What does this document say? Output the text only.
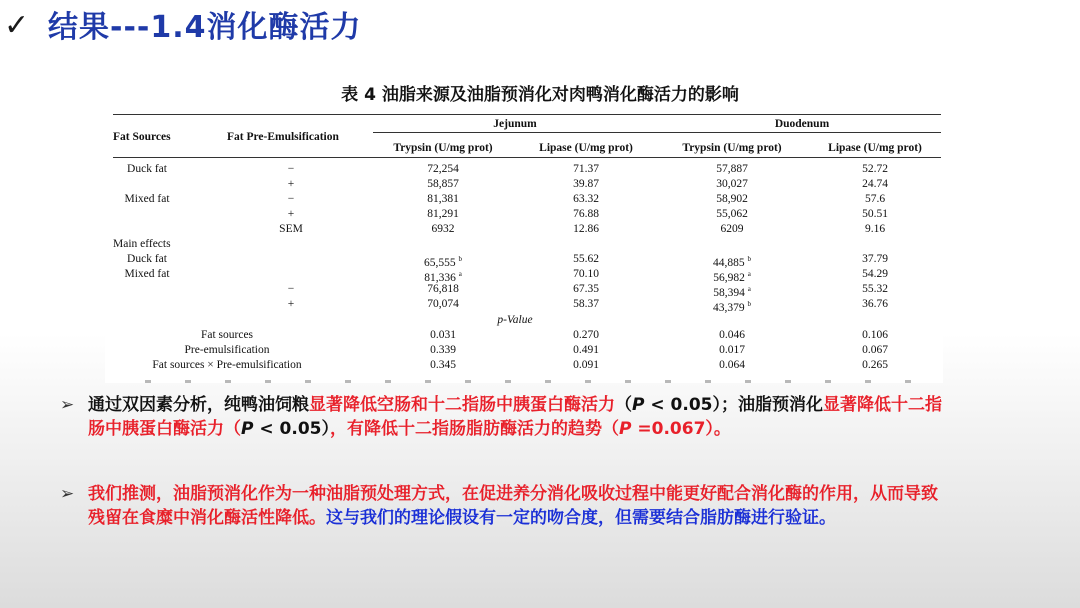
✓ 结果---1.4消化酶活力
表 4 油脂来源及油脂预消化对肉鸭消化酶活力的影响
Fat Sources	Fat Pre-Emulsification
Jejunum	Duodenum
Trypsin (U/mg prot)	Lipase (U/mg prot)	Trypsin (U/mg prot)	Lipase (U/mg prot)
Duck fat	−	72,254	71.37	57,887	52.72
+	58,857	39.87	30,027	24.74
Mixed fat	−	81,381	63.32	58,902	57.6
+	81,291	76.88	55,062	50.51
SEM	6932	12.86	6209	9.16
Main effects
Duck fat	65,555 $^b$	55.62	44,885 $^b$	37.79
Mixed fat	81,336 $^a$	70.10	56,982 $^a$	54.29
−	76,818	67.35	58,394 $^a$	55.32
+	70,074	58.37	43,379 $^b$	36.76
p-Value
Fat sources	0.031	0.270	0.046	0.106
Pre-emulsification	0.339	0.491	0.017	0.067
Fat sources × Pre-emulsification	0.345	0.091	0.064	0.265
➢ 通过双因素分析，纯鸭油饲粮显著降低空肠和十二指肠中胰蛋白酶活力（P < 0.05）；油脂预消化显著降低十二指肠中胰蛋白酶活力（P < 0.05），有降低十二指肠脂肪酶活力的趋势（P =0.067）。
➢ 我们推测，油脂预消化作为一种油脂预处理方式，在促进养分消化吸收过程中能更好配合消化酶的作用，从而导致残留在食糜中消化酶活性降低。这与我们的理论假设有一定的吻合度，但需要结合脂肪酶进行验证。
